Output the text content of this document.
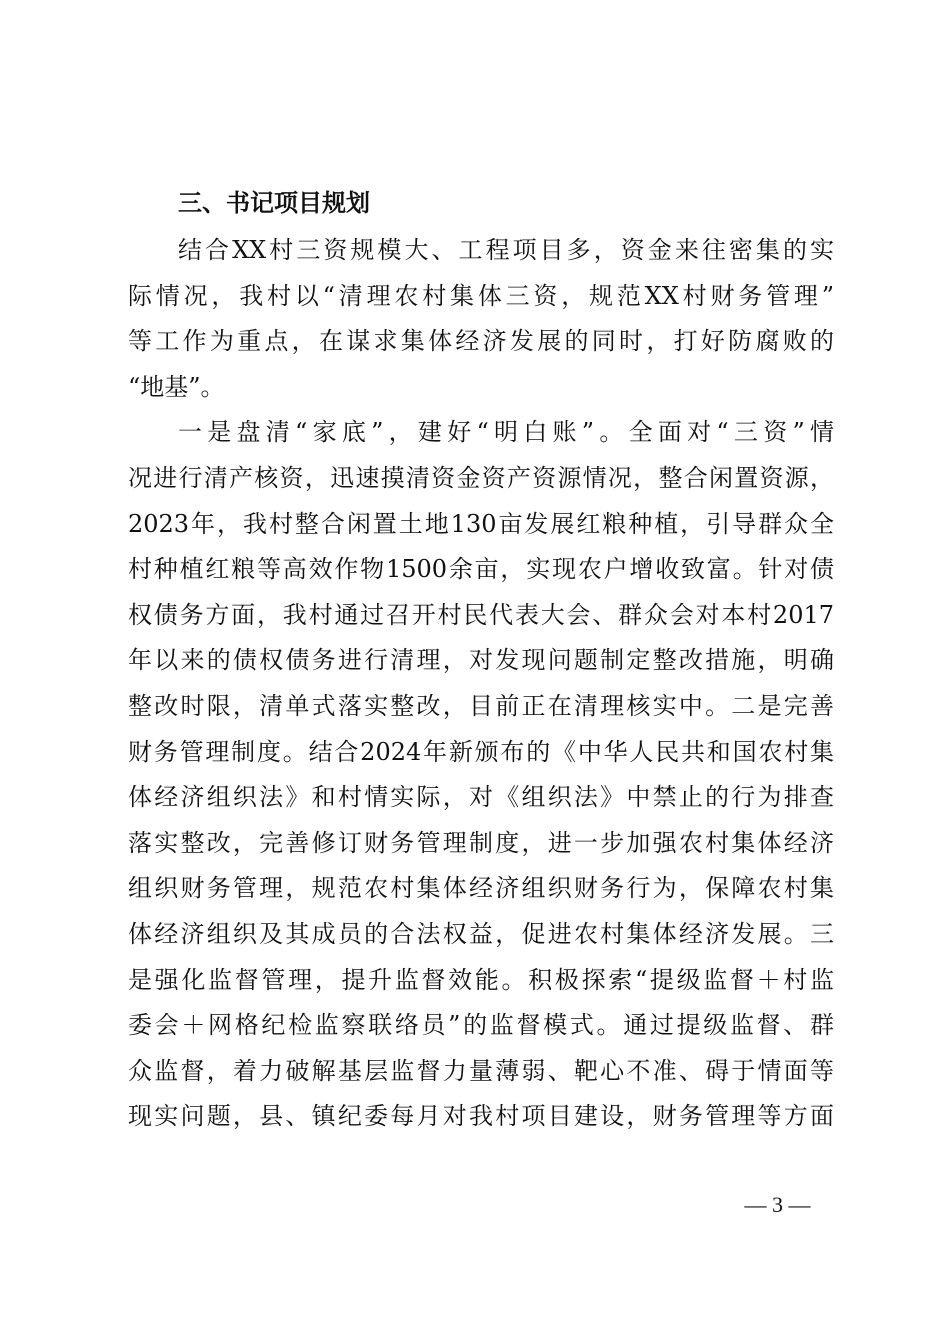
三、书记项目规划
结合XX村三资规模大、工程项目多，资金来往密集的实
际情况，我村以“清理农村集体三资，规范XX村财务管理”
等工作为重点，在谋求集体经济发展的同时，打好防腐败的
“地基”。
一是盘清“家底”，建好“明白账”。全面对“三资”情
况进行清产核资，迅速摸清资金资产资源情况，整合闲置资源，
2023年，我村整合闲置土地130亩发展红粮种植，引导群众全
村种植红粮等高效作物1500余亩，实现农户增收致富。针对债
权债务方面，我村通过召开村民代表大会、群众会对本村2017
年以来的债权债务进行清理，对发现问题制定整改措施，明确
整改时限，清单式落实整改，目前正在清理核实中。二是完善
财务管理制度。结合2024年新颁布的《中华人民共和国农村集
体经济组织法》和村情实际，对《组织法》中禁止的行为排查
落实整改，完善修订财务管理制度，进一步加强农村集体经济
组织财务管理，规范农村集体经济组织财务行为，保障农村集
体经济组织及其成员的合法权益，促进农村集体经济发展。三
是强化监督管理，提升监督效能。积极探索“提级监督＋村监
委会＋网格纪检监察联络员”的监督模式。通过提级监督、群
众监督，着力破解基层监督力量薄弱、靶心不准、碍于情面等
现实问题，县、镇纪委每月对我村项目建设，财务管理等方面
— 3 —
